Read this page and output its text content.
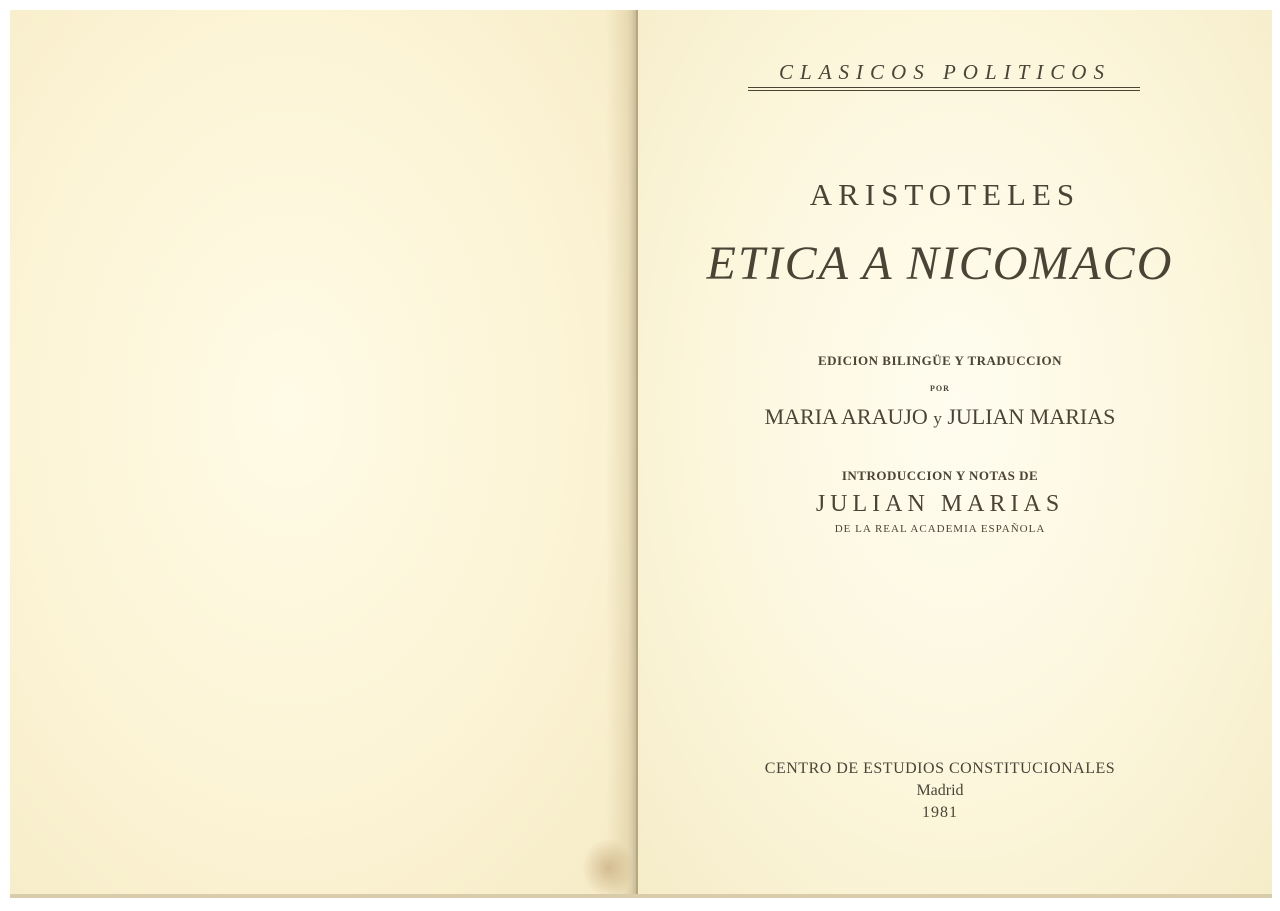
CLASICOS POLITICOS
ARISTOTELES
ETICA A NICOMACO
EDICION BILINGÜE Y TRADUCCION
POR
MARIA ARAUJO y JULIAN MARIAS
INTRODUCCION Y NOTAS DE
JULIAN MARIAS
DE LA REAL ACADEMIA ESPAÑOLA
CENTRO DE ESTUDIOS CONSTITUCIONALES
Madrid
1981
